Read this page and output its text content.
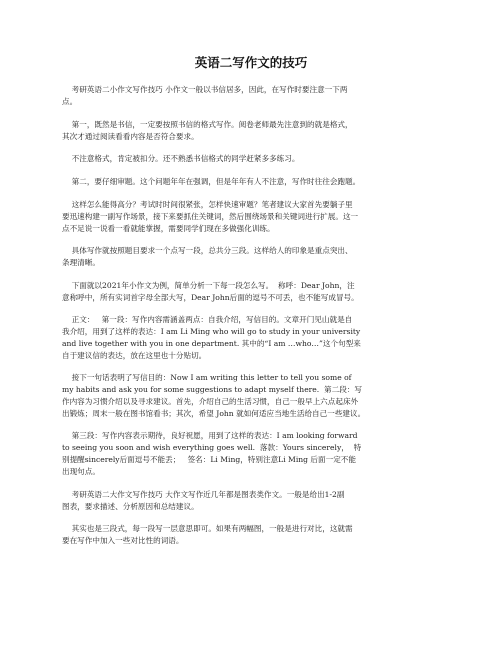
英语二写作文的技巧
考研英语二小作文写作技巧 小作文一般以书信居多，因此，在写作时要注意一下两
点。
第一，既然是书信，一定要按照书信的格式写作。阅卷老师最先注意到的就是格式，
其次才通过阅读看看内容是否符合要求。
不注意格式，肯定被扣分。还不熟悉书信格式的同学赶紧多多练习。
第二，要仔细审题。这个问题年年在强调，但是年年有人不注意，写作时往往会跑题。
这样怎么能得高分？考试时时间很紧张，怎样快速审题？笔者建议大家首先要躺子里
要迅速构建一副写作场景，接下来要抓住关键词，然后围绕场景和关键词进行扩展。这一
点不足说一说看一看就能掌握，需要同学们现在多做强化训练。
具体写作就按照题目要求一个点写一段，总共分三段。这样给人的印象是重点突出、
条理清晰。
下面就以2021年小作文为例，简单分析一下每一段怎么写。  称呼：Dear John，注
意称呼中，所有实词首字母全部大写，Dear John后面的逗号不可丢，也不能写成冒号。
正文：   第一段：写作内容需涵盖两点：自我介绍，写信目的。文章开门见山就是自
我介绍，用到了这样的表达：I am Li Ming who will go to study in your university
and live together with you in one department. 其中的“I am …who…”这个句型来
自于建议信的表达，放在这里也十分贴切。
接下一句话表明了写信目的：Now I am writing this letter to tell you some of
my habits and ask you for some suggestions to adapt myself there.  第二段：写
作内容为习惯介绍以及寻求建议。首先，介绍自己的生活习惯，自己一般早上六点起床外
出锻炼；周末一般在图书馆看书；其次，希望 John 就如何适应当地生活给自己一些建议。
第三段：写作内容表示期待，良好祝愿，用到了这样的表达：I am looking forward
to seeing you soon and wish everything goes well.  落款：Yours sincerely，  特
别提醒sincerely后面逗号不能丢；   签名：Li Ming，特别注意Li Ming 后面一定不能
出现句点。
考研英语二大作文写作技巧 大作文写作近几年都是图表类作文。一般是给出1-2副
图表，要求描述、分析原因和总结建议。
其实也是三段式，每一段写一层意思即可。如果有两幅图，一般是进行对比，这就需
要在写作中加入一些对比性的词语。
